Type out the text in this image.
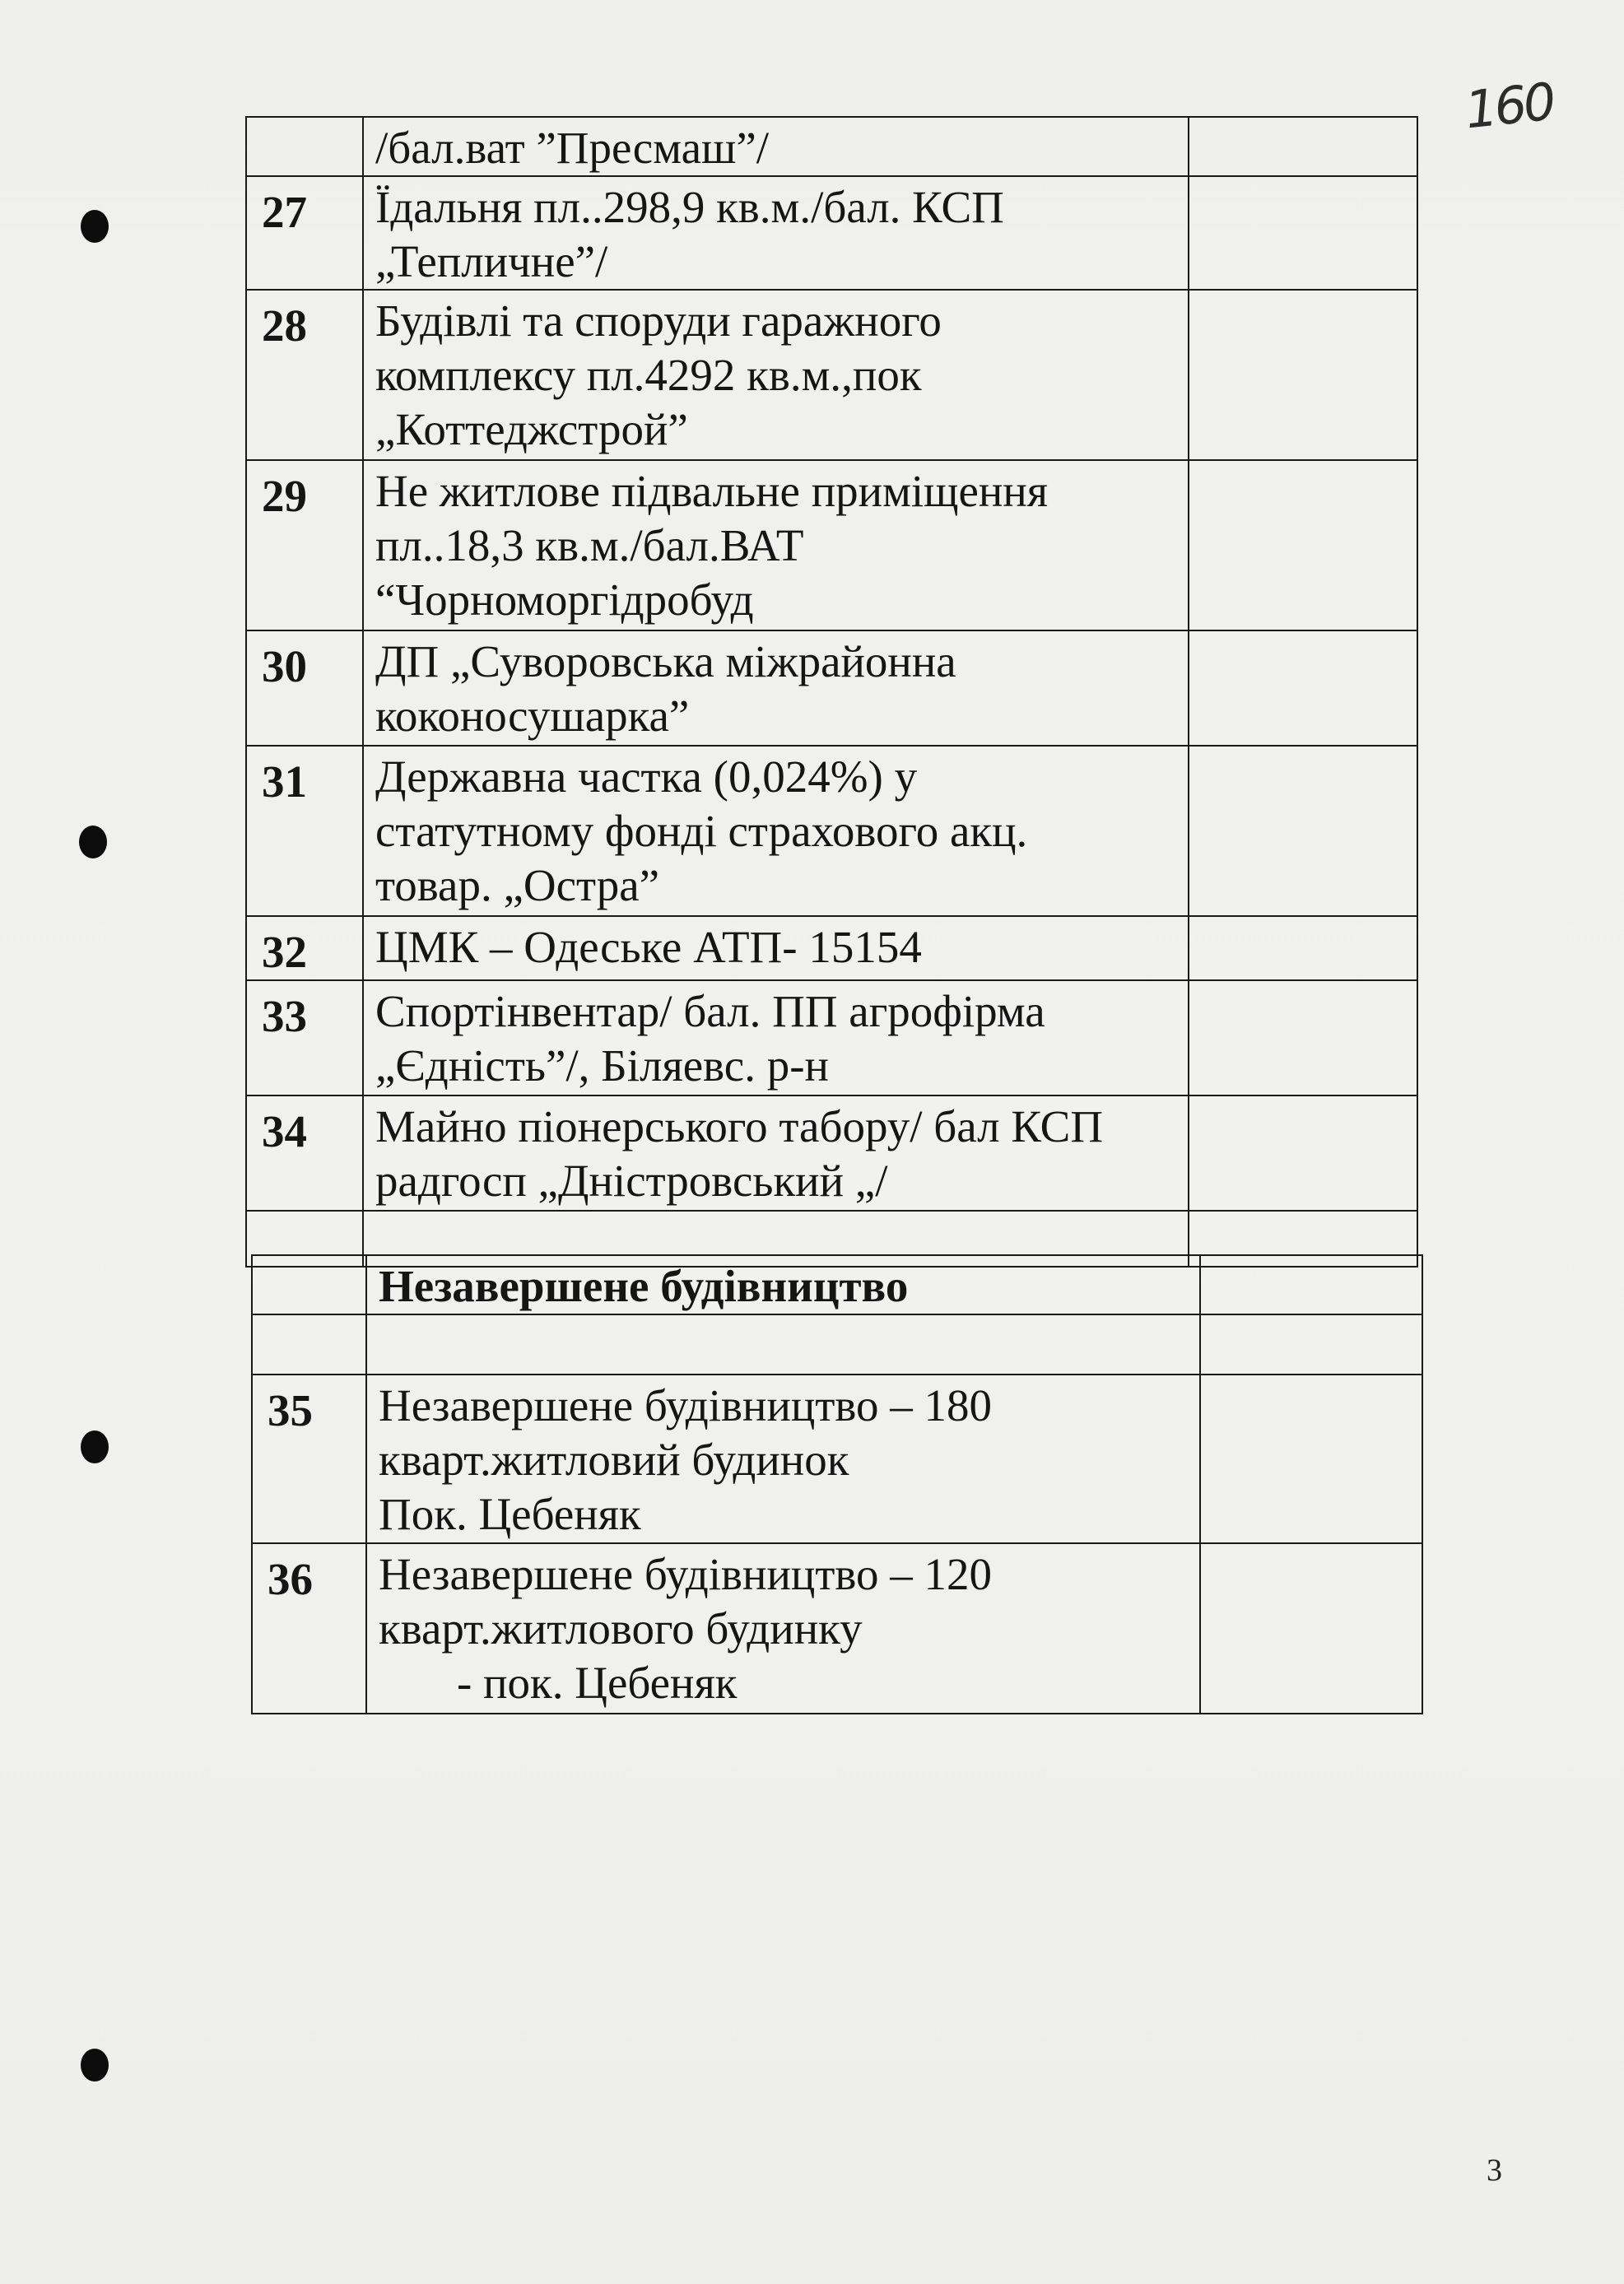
160
	/бал.ват ”Пресмаш”/	
27	Їдальня пл..298,9 кв.м./бал. КСП
„Тепличне”/	
28	Будівлі та споруди гаражного
комплексу пл.4292 кв.м.,пок
„Коттеджстрой”	
29	Не житлове підвальне приміщення
пл..18,3 кв.м./бал.ВАТ
“Чорноморгідробуд	
30	ДП „Суворовська міжрайонна
коконосушарка”	
31	Державна частка (0,024%) у
статутному фонді страхового акц.
товар. „Остра”	
32	ЦМК – Одеське АТП- 15154	
33	Спортінвентар/ бал. ПП агрофірма
„Єдність”/, Біляевс. р-н	
34	Майно піонерського табору/ бал КСП
радгосп „Дністровський „/	

	Незавершене будівництво	

35	Незавершене будівництво – 180
кварт.житловий будинок
Пок. Цебеняк	
36	Незавершене будівництво – 120
кварт.житлового будинку
- пок. Цебеняк	

3
